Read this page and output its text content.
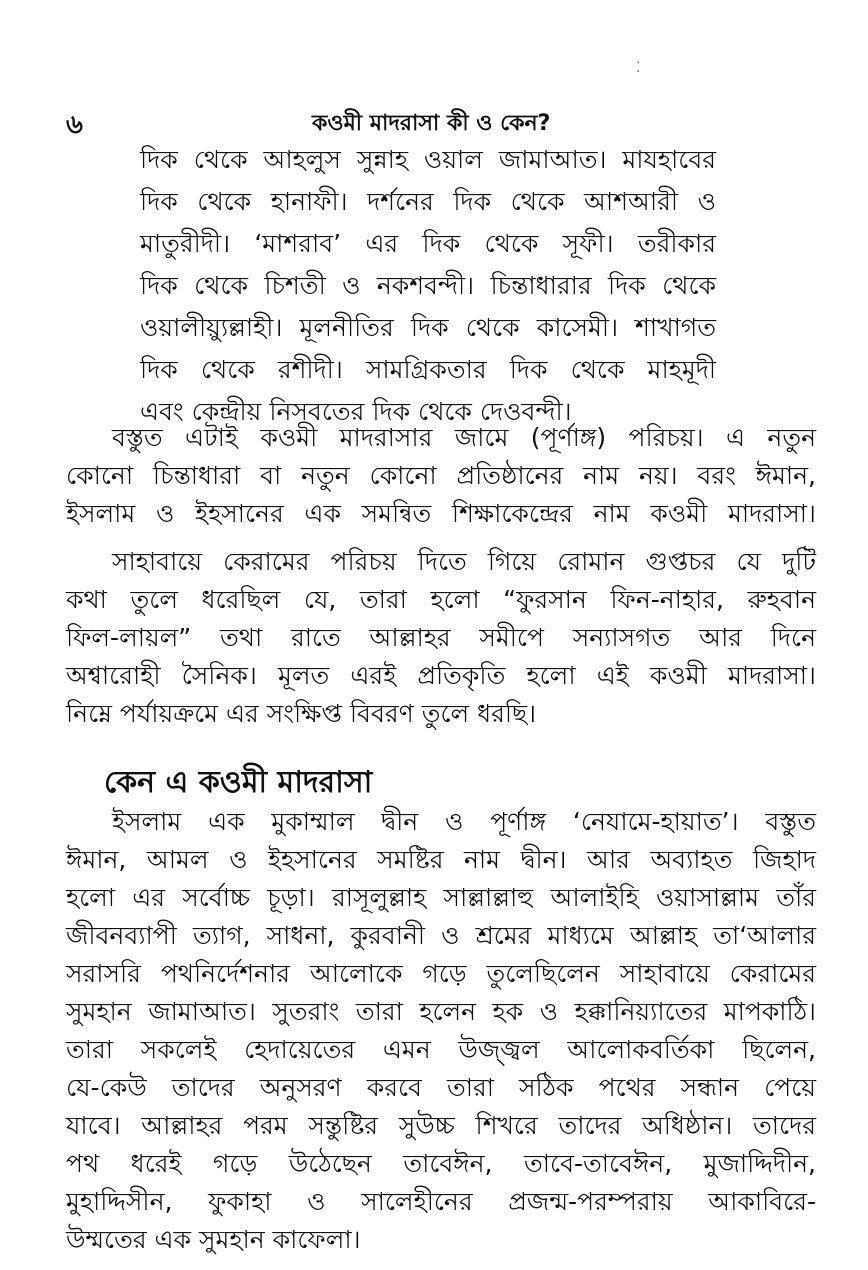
৬	কওমী মাদরাসা কী ও কেন?
⁚
দিক থেকে আহলুস সুন্নাহ ওয়াল জামাআত। মাযহাবের
দিক থেকে হানাফী। দর্শনের দিক থেকে আশআরী ও
মাতুরীদী। ‘মাশরাব’ এর দিক থেকে সূফী। তরীকার
দিক থেকে চিশতী ও নকশবন্দী। চিন্তাধারার দিক থেকে
ওয়ালীয়্যুল্লাহী। মূলনীতির দিক থেকে কাসেমী। শাখাগত
দিক থেকে রশীদী। সামগ্রিকতার দিক থেকে মাহমূদী
এবং কেন্দ্রীয় নিসবতের দিক থেকে দেওবন্দী।
বস্তুত এটাই কওমী মাদরাসার জামে (পূর্ণাঙ্গ) পরিচয়। এ নতুন
কোনো চিন্তাধারা বা নতুন কোনো প্রতিষ্ঠানের নাম নয়। বরং ঈমান,
ইসলাম ও ইহসানের এক সমন্বিত শিক্ষাকেন্দ্রের নাম কওমী মাদরাসা।
সাহাবায়ে কেরামের পরিচয় দিতে গিয়ে রোমান গুপ্তচর যে দুটি
কথা তুলে ধরেছিল যে, তারা হলো “ফুরসান ফিন-নাহার, রুহবান
ফিল-লায়ল” তথা রাতে আল্লাহর সমীপে সন্যাসগত আর দিনে
অশ্বারোহী সৈনিক। মূলত এরই প্রতিকৃতি হলো এই কওমী মাদরাসা।
নিম্নে পর্যায়ক্রমে এর সংক্ষিপ্ত বিবরণ তুলে ধরছি।
কেন এ কওমী মাদরাসা
ইসলাম এক মুকাম্মাল দ্বীন ও পূর্ণাঙ্গ ‘নেযামে-হায়াত’। বস্তুত
ঈমান, আমল ও ইহসানের সমষ্টির নাম দ্বীন। আর অব্যাহত জিহাদ
হলো এর সর্বোচ্চ চূড়া। রাসূলুল্লাহ সাল্লাল্লাহু আলাইহি ওয়াসাল্লাম তাঁর
জীবনব্যাপী ত্যাগ, সাধনা, কুরবানী ও শ্রমের মাধ্যমে আল্লাহ তা‘আলার
সরাসরি পথনির্দেশনার আলোকে গড়ে তুলেছিলেন সাহাবায়ে কেরামের
সুমহান জামাআত। সুতরাং তারা হলেন হক ও হক্কানিয়্যাতের মাপকাঠি।
তারা সকলেই হেদায়েতের এমন উজ্জ্বল আলোকবর্তিকা ছিলেন,
যে-কেউ তাদের অনুসরণ করবে তারা সঠিক পথের সন্ধান পেয়ে
যাবে। আল্লাহর পরম সন্তুষ্টির সুউচ্চ শিখরে তাদের অধিষ্ঠান। তাদের
পথ ধরেই গড়ে উঠেছেন তাবেঈন, তাবে-তাবেঈন, মুজাদ্দিদীন,
মুহাদ্দিসীন, ফুকাহা ও সালেহীনের প্রজন্ম-পরম্পরায় আকাবিরে-
উম্মতের এক সুমহান কাফেলা।
